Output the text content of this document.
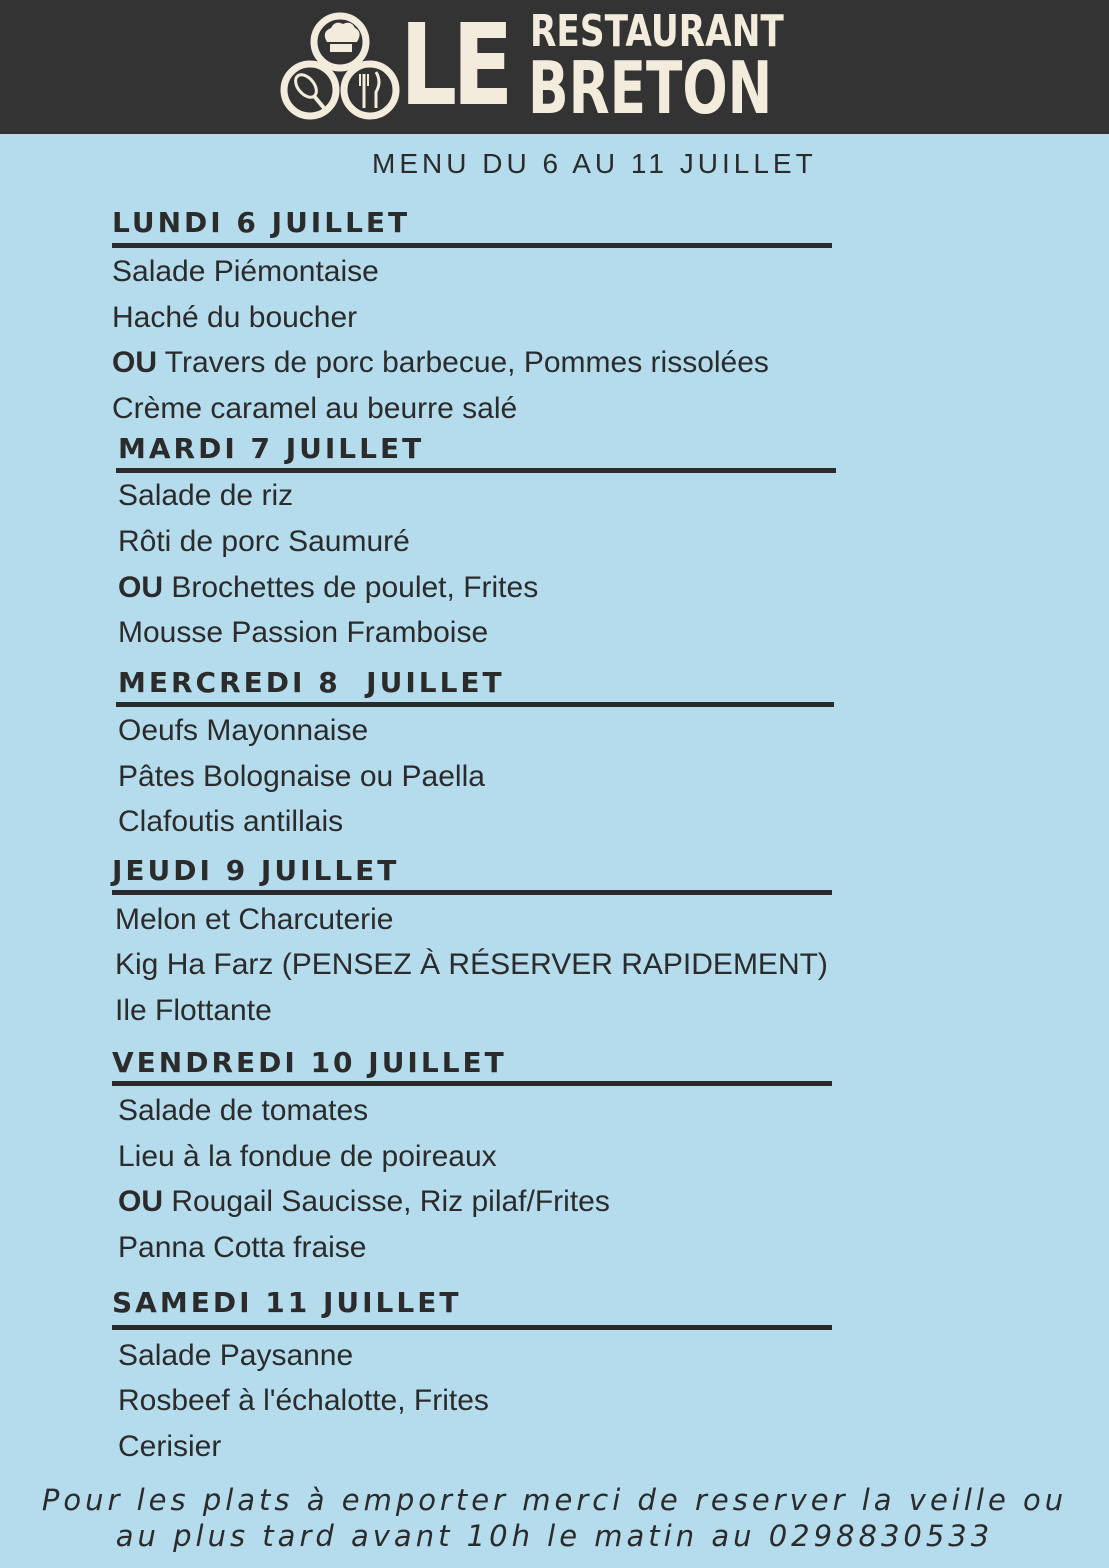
LE RESTAURANT
BRETON
MENU DU 6 AU 11 JUILLET
LUNDI 6 JUILLET
Salade Piémontaise
Haché du boucher
OU Travers de porc barbecue, Pommes rissolées
Crème caramel au beurre salé
MARDI 7 JUILLET
Salade de riz
Rôti de porc Saumuré
OU Brochettes de poulet, Frites
Mousse Passion Framboise
MERCREDI 8  JUILLET
Oeufs Mayonnaise
Pâtes Bolognaise ou Paella
Clafoutis antillais
JEUDI 9 JUILLET
Melon et Charcuterie
Kig Ha Farz (PENSEZ À RÉSERVER RAPIDEMENT)
Ile Flottante
VENDREDI 10 JUILLET
Salade de tomates
Lieu à la fondue de poireaux
OU Rougail Saucisse, Riz pilaf/Frites
Panna Cotta fraise
SAMEDI 11 JUILLET
Salade Paysanne
Rosbeef à l'échalotte, Frites
Cerisier
Pour les plats à emporter merci de reserver la veille ou
au plus tard avant 10h le matin au 0298830533
